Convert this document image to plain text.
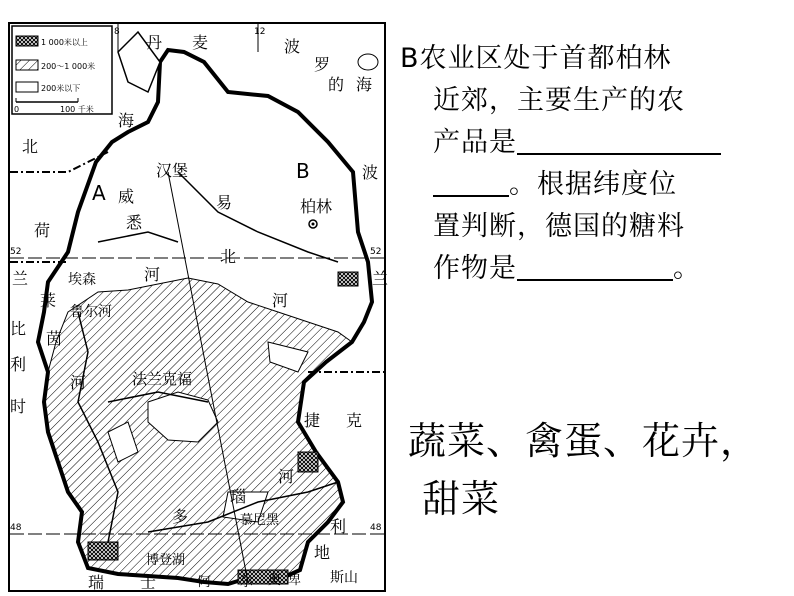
1 000米以上
200～1 000米
200米以下
0	100 千米
8	12
52	52
48	48
丹 麦	波
罗
的 海
北
海
A 威
悉
汉堡	B
易	柏林
波
荷
河
北
埃森
鲁尔河
河
兰	兰
莱
茵
河
比
利
时
法兰克福
捷 克
多
瑙
河
慕尼黑	利
地
博登湖
瑞 士	阿 尔 奥 卑 斯山
B农业区处于首都柏林
近郊，主要生产的农
产品是
。根据纬度位
置判断，德国的糖料
作物是	。
蔬菜、禽蛋、花卉，
甜菜
